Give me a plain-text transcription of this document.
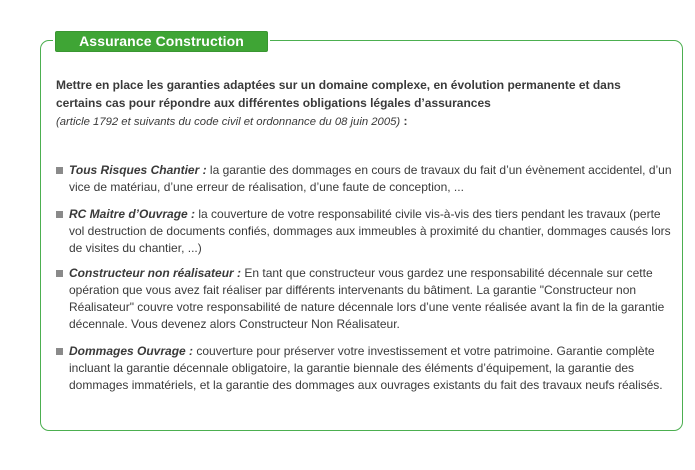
Assurance Construction
Mettre en place les garanties adaptées sur un domaine complexe, en évolution permanente et dans certains cas pour répondre aux différentes obligations légales d’assurances
(article 1792 et suivants du code civil et ordonnance du 08 juin 2005) :
Tous Risques Chantier : la garantie des dommages en cours de travaux du fait d’un évènement accidentel, d’un vice de matériau, d’une erreur de réalisation, d’une faute de conception, ...
RC Maitre d’Ouvrage : la couverture de votre responsabilité civile vis-à-vis des tiers pendant les travaux (perte vol destruction de documents confiés, dommages aux immeubles à proximité du chantier, dommages causés lors de visites du chantier, ...)
Constructeur non réalisateur : En tant que constructeur vous gardez une responsabilité décennale sur cette opération que vous avez fait réaliser par différents intervenants du bâtiment. La garantie "Constructeur non Réalisateur" couvre votre responsabilité de nature décennale lors d’une vente réalisée avant la fin de la garantie décennale. Vous devenez alors Constructeur Non Réalisateur.
Dommages Ouvrage : couverture pour préserver votre investissement et votre patrimoine. Garantie complète incluant la garantie décennale obligatoire, la garantie biennale des éléments d’équipement, la garantie des dommages immatériels, et la garantie des dommages aux ouvrages existants du fait des travaux neufs réalisés.
